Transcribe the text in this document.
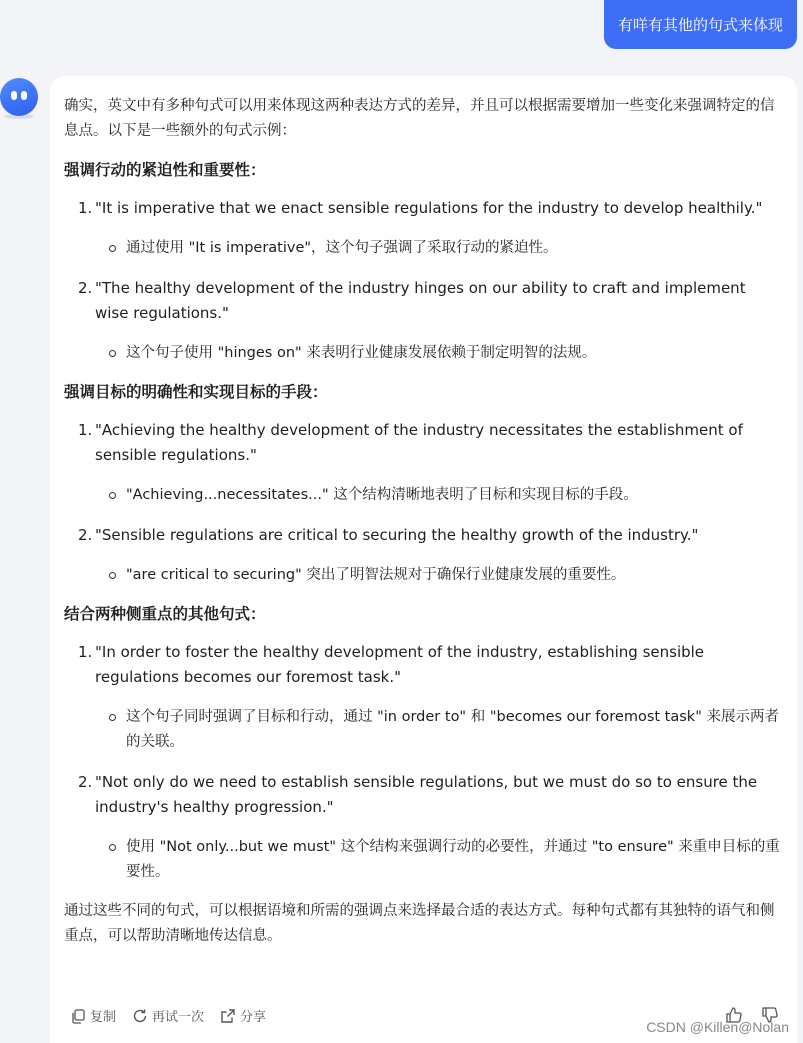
有咩有其他的句式来体现

确实，英文中有多种句式可以用来体现这两种表达方式的差异，并且可以根据需要增加一些变化来强调特定的信息点。以下是一些额外的句式示例：

强调行动的紧迫性和重要性：

1. "It is imperative that we enact sensible regulations for the industry to develop healthily."
通过使用 "It is imperative"，这个句子强调了采取行动的紧迫性。
2. "The healthy development of the industry hinges on our ability to craft and implement wise regulations."
这个句子使用 "hinges on" 来表明行业健康发展依赖于制定明智的法规。

强调目标的明确性和实现目标的手段：

1. "Achieving the healthy development of the industry necessitates the establishment of sensible regulations."
"Achieving...necessitates..." 这个结构清晰地表明了目标和实现目标的手段。
2. "Sensible regulations are critical to securing the healthy growth of the industry."
"are critical to securing" 突出了明智法规对于确保行业健康发展的重要性。

结合两种侧重点的其他句式：

1. "In order to foster the healthy development of the industry, establishing sensible regulations becomes our foremost task."
这个句子同时强调了目标和行动，通过 "in order to" 和 "becomes our foremost task" 来展示两者的关联。
2. "Not only do we need to establish sensible regulations, but we must do so to ensure the industry's healthy progression."
使用 "Not only...but we must" 这个结构来强调行动的必要性，并通过 "to ensure" 来重申目标的重要性。

通过这些不同的句式，可以根据语境和所需的强调点来选择最合适的表达方式。每种句式都有其独特的语气和侧重点，可以帮助清晰地传达信息。

复制	再试一次	分享
CSDN @Killen@Nolan
